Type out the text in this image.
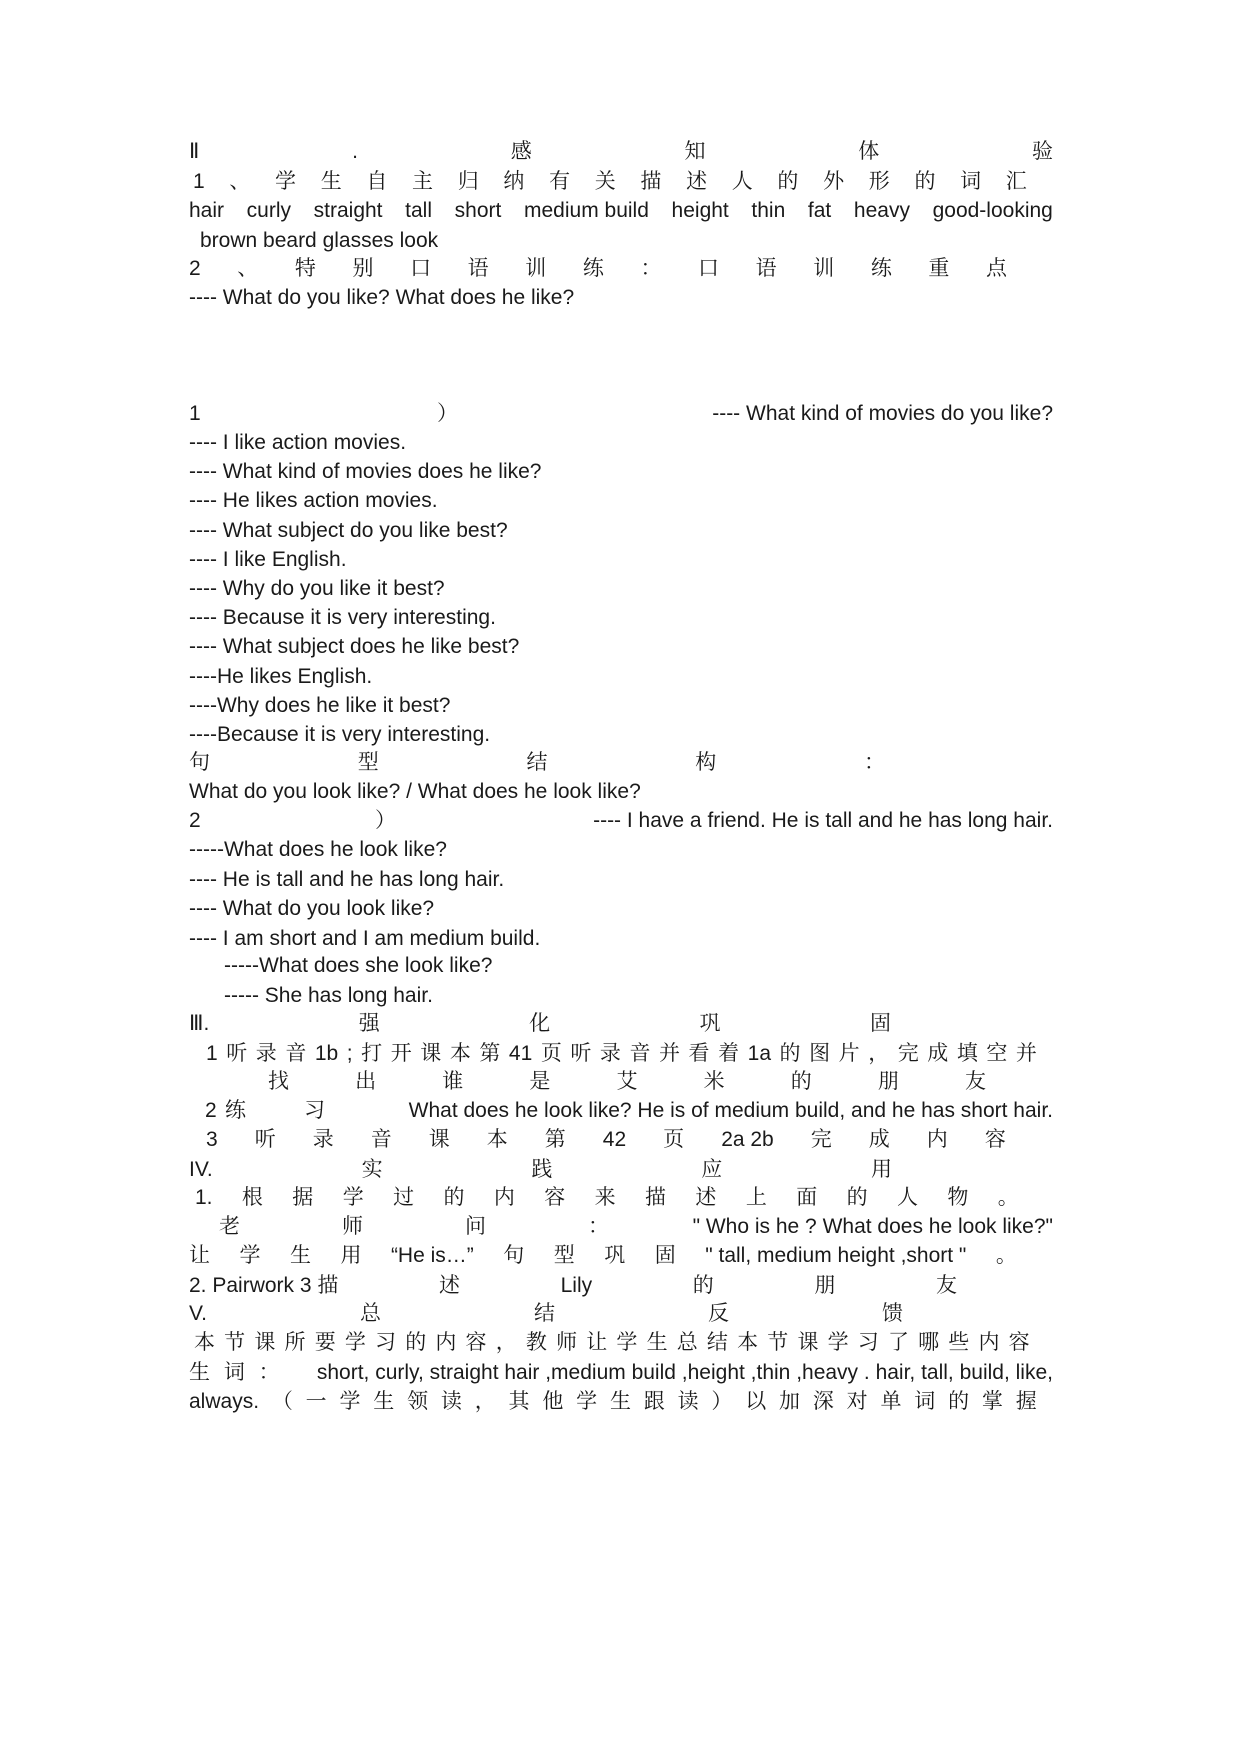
Ⅱ	.	感	知	体	验
1 、 学 生 自 主 归 纳 有 关 描 述 人 的 外 形 的 词 汇
hair curly straight tall short medium build height thin fat heavy good-looking
brown beard glasses look
2 、 特 别 口 语 训 练 ： 口 语 训 练 重 点
---- What do you like? What does he like?
1	）	---- What kind of movies do you like?
---- I like action movies.
---- What kind of movies does he like?
---- He likes action movies.
---- What subject do you like best?
---- I like English.
---- Why do you like it best?
---- Because it is very interesting.
---- What subject does he like best?
----He likes English.
----Why does he like it best?
----Because it is very interesting.
句	型	结	构	：
What do you look like? / What does he look like?
2	）	---- I have a friend. He is tall and he has long hair.
-----What does he look like?
---- He is tall and he has long hair.
---- What do you look like?
---- I am short and I am medium build.
-----What does she look like?
----- She has long hair.
Ⅲ.	强	化	巩	固
1 听 录 音 1b ; 打 开 课 本 第 41 页 听 录 音 并 看 着 1a 的 图 片 ， 完 成 填 空 并
找	出	谁	是	艾	米	的	朋	友
2 练	习	What does he look like? He is of medium build, and he has short hair.
3 听 录 音 课 本 第 42 页 2a 2b 完 成 内 容
IV.	实	践	应	用
1. 根 据 学 过 的 内 容 来 描 述 上 面 的 人 物 。
老	师	问	：	" Who is he ? What does he look like?"
让 学 生 用 “He is…” 句 型 巩 固 " tall, medium height ,short " 。
2. Pairwork 3 描	述	Lily	的	朋	友
V.	总	结	反	馈
本 节 课 所 要 学 习 的 内 容 ， 教 师 让 学 生 总 结 本 节 课 学 习 了 哪 些 内 容
生 词 ： short, curly, straight hair ,medium build ,height ,thin ,heavy . hair, tall, build, like,
always. （ 一 学 生 领 读 ， 其 他 学 生 跟 读 ） 以 加 深 对 单 词 的 掌 握
